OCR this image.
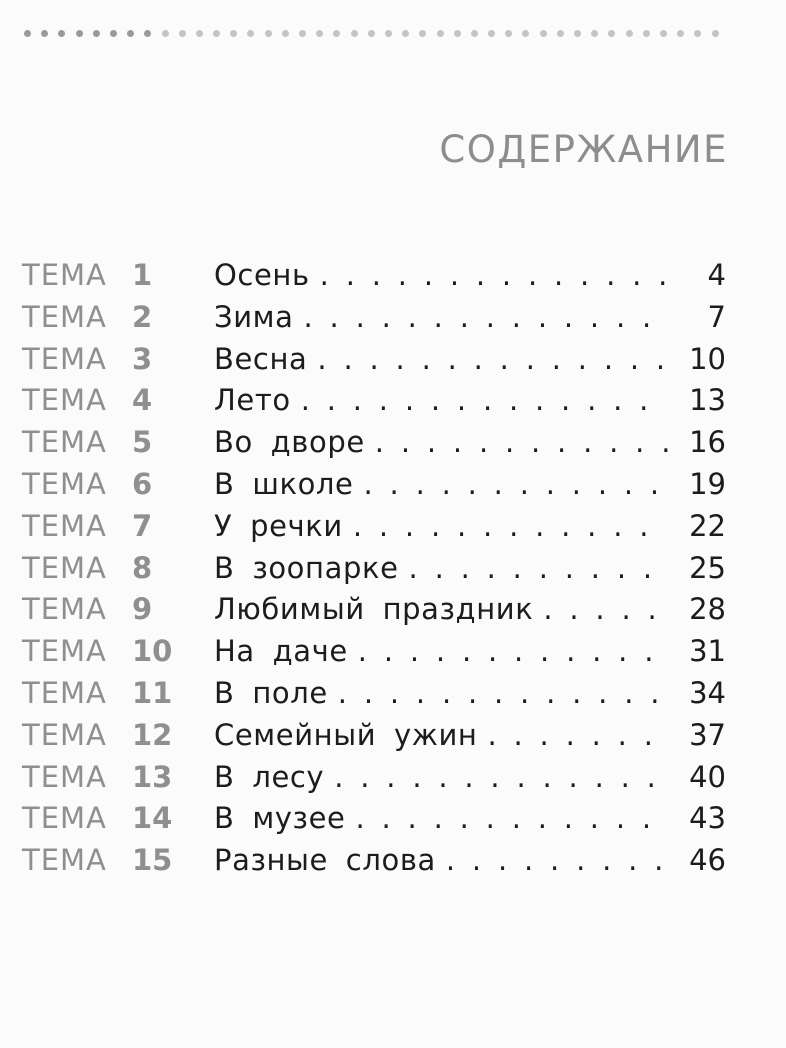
СОДЕРЖАНИЕ
ТЕМА 1	Осень . . .	4
ТЕМА 2	Зима . . .	7
ТЕМА 3	Весна . . .	10
ТЕМА 4	Лето . . .	13
ТЕМА 5	Во дворе . . .	16
ТЕМА 6	В школе . . .	19
ТЕМА 7	У речки . . .	22
ТЕМА 8	В зоопарке . . .	25
ТЕМА 9	Любимый праздник . . .	28
ТЕМА 10	На даче . . .	31
ТЕМА 11	В поле . . .	34
ТЕМА 12	Семейный ужин . . .	37
ТЕМА 13	В лесу . . .	40
ТЕМА 14	В музее . . .	43
ТЕМА 15	Разные слова . . .	46
